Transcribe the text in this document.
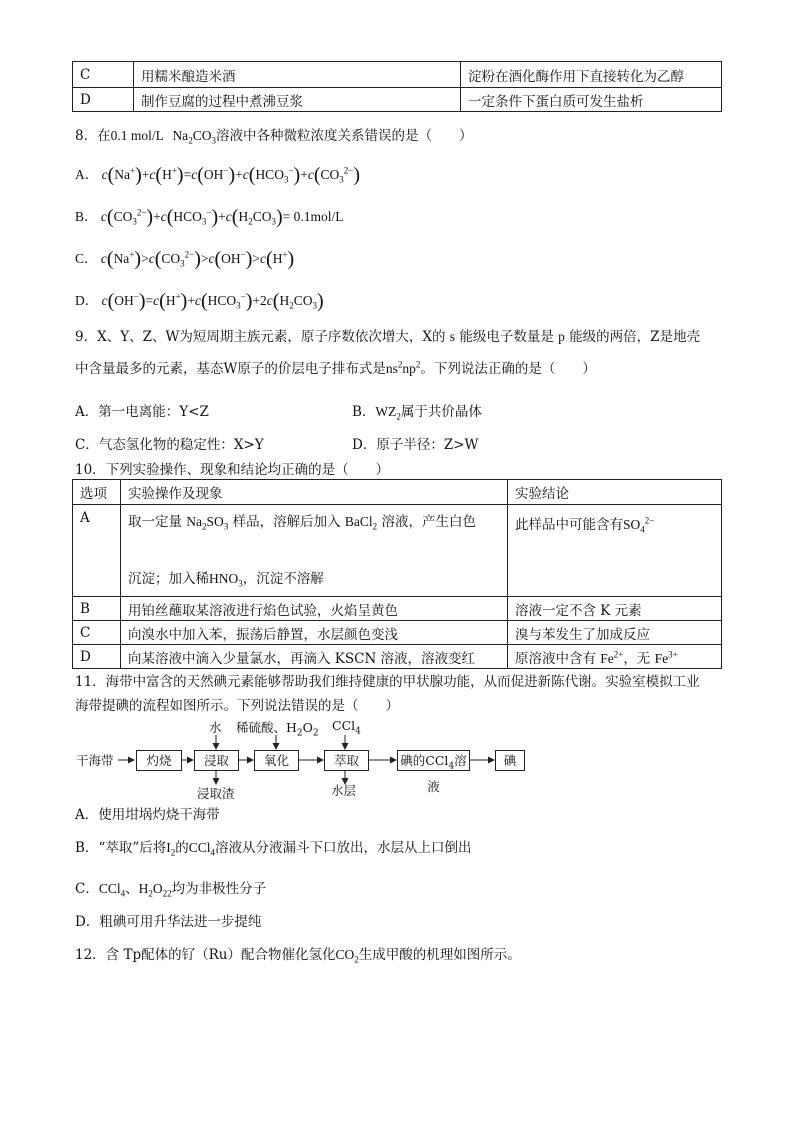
C	用糯米酿造米酒	淀粉在酒化酶作用下直接转化为乙醇
D	制作豆腐的过程中煮沸豆浆	一定条件下蛋白质可发生盐析
8．在0.1 mol/L $Na_2CO_3$溶液中各种微粒浓度关系错误的是（　　）
A． $c(Na^+)+c(H^+)=c(OH^-)+c(HCO_3^-)+c(CO_3^{2-})$
B． $c(CO_3^{2-})+c(HCO_3^-)+c(H_2CO_3)= 0.1mol/L$
C． $c(Na^+)>c(CO_3^{2-})>c(OH^-)>c(H^+)$
D． $c(OH^-)=c(H^+)+c(HCO_3^-)+2c(H_2CO_3)$
9．X、Y、Z、W为短周期主族元素，原子序数依次增大，X的 s 能级电子数量是 p 能级的两倍，Z是地壳
中含量最多的元素，基态W原子的价层电子排布式是$ns^2np^2$。下列说法正确的是（　　）
A．第一电离能：Y<Z	B．$WZ_2$属于共价晶体
C．气态氢化物的稳定性：X>Y	D．原子半径：Z>W
10．下列实验操作、现象和结论均正确的是（　　）
选项	实验操作及现象	实验结论
A	取一定量 $Na_2SO_3$ 样品，溶解后加入 BaCl$_2$ 溶液，产生白色

沉淀；加入稀$HNO_3$，沉淀不溶解	此样品中可能含有$SO_4^{2-}$
B	用铂丝蘸取某溶液进行焰色试验，火焰呈黄色	溶液一定不含 K 元素
C	向溴水中加入苯，振荡后静置，水层颜色变浅	溴与苯发生了加成反应
D	向某溶液中滴入少量氯水，再滴入 KSCN 溶液，溶液变红	原溶液中含有 $Fe^{2+}$，无 $Fe^{3+}$
11．海带中富含的天然碘元素能够帮助我们维持健康的甲状腺功能，从而促进新陈代谢。实验室模拟工业
海带提碘的流程如图所示。下列说法错误的是（　　）
干海带	灼烧	浸取	氧化	萃取	碘的CCl$_4$溶液
碘
水 稀硫酸、$H_2O_2$
CCl$_4$
浸取渣	水层
A．使用坩埚灼烧干海带
B．“萃取”后将$I_2$的CCl$_4$溶液从分液漏斗下口放出，水层从上口倒出
C．CCl$_4$、$H_2O_{22}$均为非极性分子
D．粗碘可用升华法进一步提纯
12．含 Tp配体的钌（Ru）配合物催化氢化$CO_2$生成甲酸的机理如图所示。
